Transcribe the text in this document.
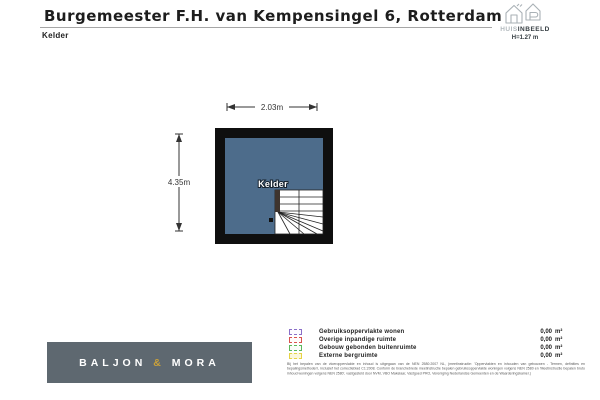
Burgemeester F.H. van Kempensingel 6, Rotterdam
Kelder
HUISINBEELD
H=1.27 m
2.03m
4.35m	Kelder
BALJON & MORA
Gebruiksoppervlakte wonen	0,00 m²
Overige inpandige ruimte	0,00 m²
Gebouw gebonden buitenruimte	0,00 m²
Externe bergruimte	0,00 m²
Bij het bepalen van de vloeroppervlakte en inhoud is uitgegaan van de NEN 2580:2007 NL, (meetinstructie: 'Oppervlakten en inhouden van gebouwen - Termen, definities en bepalingsmethoden', inclusief het correctieblad C1:2008. Conform de branchebrede meetinstructie bepalen gebruiksoppervlakte woningen volgens NEN 2580 en 'Meetinstructie bepalen bruto inhoud woningen volgens NEN 2580', vastgesteld door NVM, VBO Makelaar, Vastgoed PRO, Vereniging Nederlandse Gemeenten en de Waarderingskamer.)
